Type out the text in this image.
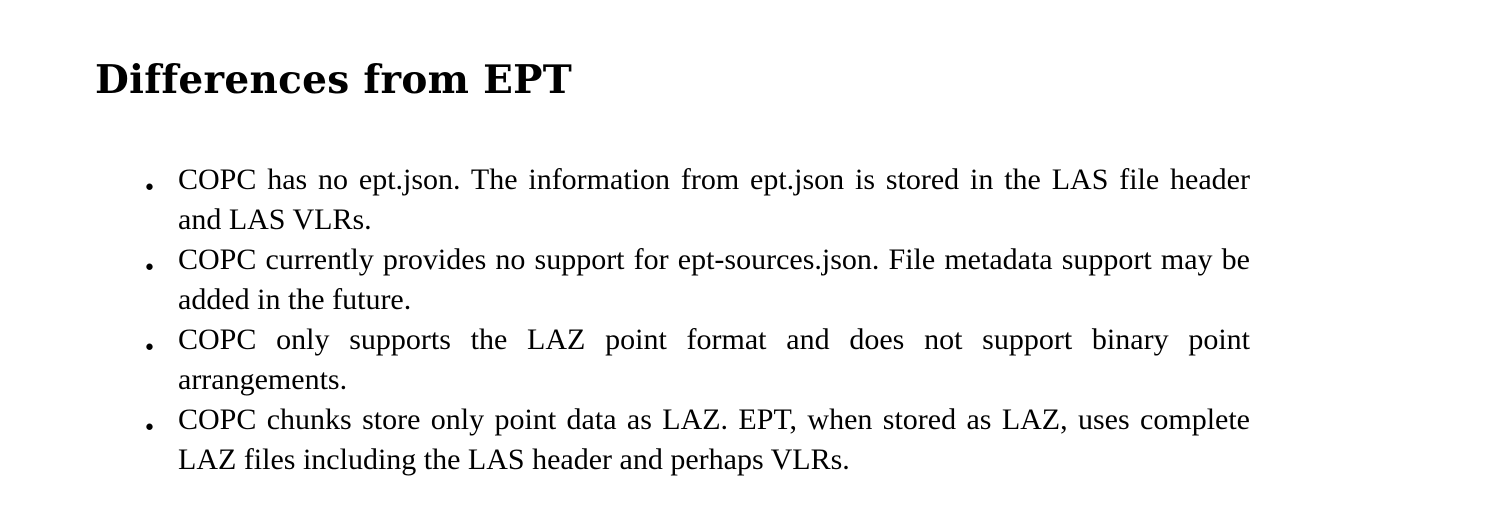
Differences from EPT
• COPC has no ept.json. The information from ept.json is stored in the LAS file header and LAS VLRs.
• COPC currently provides no support for ept-sources.json. File metadata support may be added in the future.
• COPC only supports the LAZ point format and does not support binary point arrangements.
• COPC chunks store only point data as LAZ. EPT, when stored as LAZ, uses complete LAZ files including the LAS header and perhaps VLRs.
